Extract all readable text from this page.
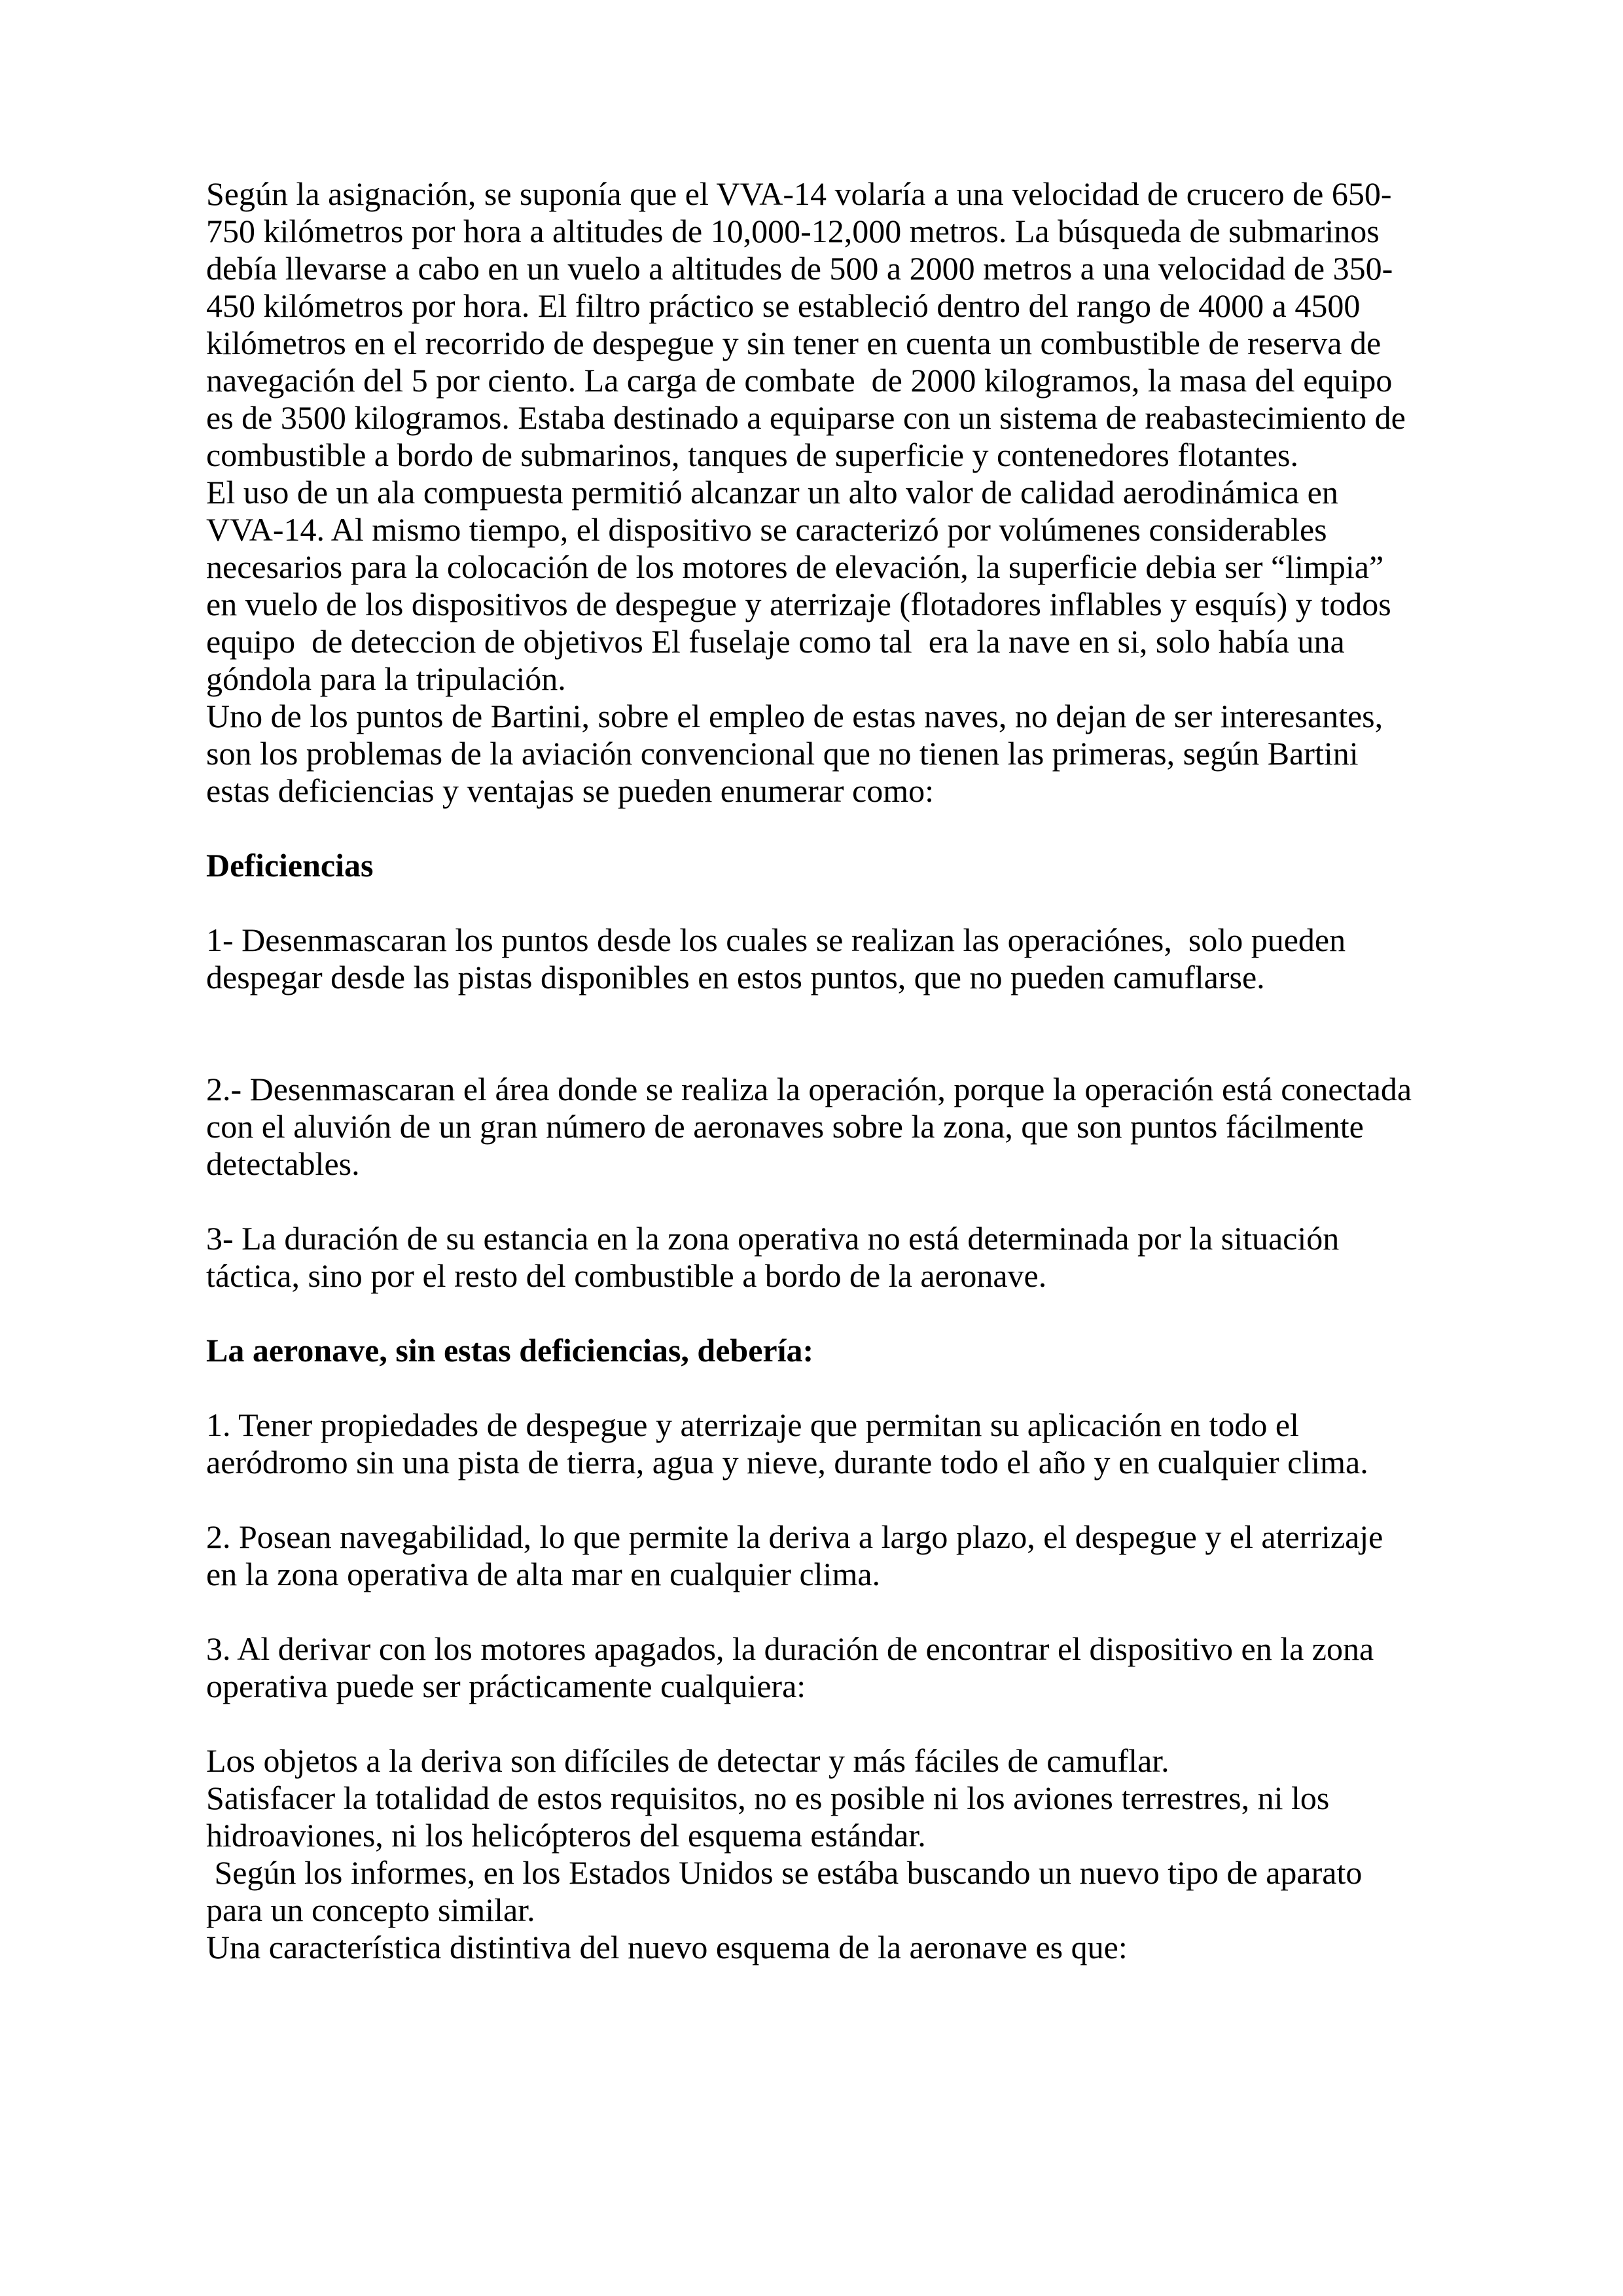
Según la asignación, se suponía que el VVA-14 volaría a una velocidad de crucero de 650-750 kilómetros por hora a altitudes de 10,000-12,000 metros. La búsqueda de submarinos debía llevarse a cabo en un vuelo a altitudes de 500 a 2000 metros a una velocidad de 350-450 kilómetros por hora. El filtro práctico se estableció dentro del rango de 4000 a 4500 kilómetros en el recorrido de despegue y sin tener en cuenta un combustible de reserva de navegación del 5 por ciento. La carga de combate  de 2000 kilogramos, la masa del equipo es de 3500 kilogramos. Estaba destinado a equiparse con un sistema de reabastecimiento de combustible a bordo de submarinos, tanques de superficie y contenedores flotantes.

El uso de un ala compuesta permitió alcanzar un alto valor de calidad aerodinámica en VVA-14. Al mismo tiempo, el dispositivo se caracterizó por volúmenes considerables necesarios para la colocación de los motores de elevación, la superficie debia ser “limpia” en vuelo de los dispositivos de despegue y aterrizaje (flotadores inflables y esquís) y todos equipo  de deteccion de objetivos El fuselaje como tal  era la nave en si, solo había una góndola para la tripulación.

Uno de los puntos de Bartini, sobre el empleo de estas naves, no dejan de ser interesantes, son los problemas de la aviación convencional que no tienen las primeras, según Bartini estas deficiencias y ventajas se pueden enumerar como:

Deficiencias

1- Desenmascaran los puntos desde los cuales se realizan las operaciónes,  solo pueden despegar desde las pistas disponibles en estos puntos, que no pueden camuflarse.

2.- Desenmascaran el área donde se realiza la operación, porque la operación está conectada con el aluvión de un gran número de aeronaves sobre la zona, que son puntos fácilmente detectables.

3- La duración de su estancia en la zona operativa no está determinada por la situación táctica, sino por el resto del combustible a bordo de la aeronave.

La aeronave, sin estas deficiencias, debería:

1. Tener propiedades de despegue y aterrizaje que permitan su aplicación en todo el aeródromo sin una pista de tierra, agua y nieve, durante todo el año y en cualquier clima.

2. Posean navegabilidad, lo que permite la deriva a largo plazo, el despegue y el aterrizaje en la zona operativa de alta mar en cualquier clima.

3. Al derivar con los motores apagados, la duración de encontrar el dispositivo en la zona operativa puede ser prácticamente cualquiera:

Los objetos a la deriva son difíciles de detectar y más fáciles de camuflar.

Satisfacer la totalidad de estos requisitos, no es posible ni los aviones terrestres, ni los hidroaviones, ni los helicópteros del esquema estándar.

Según los informes, en los Estados Unidos se estába buscando un nuevo tipo de aparato para un concepto similar.

Una característica distintiva del nuevo esquema de la aeronave es que:
